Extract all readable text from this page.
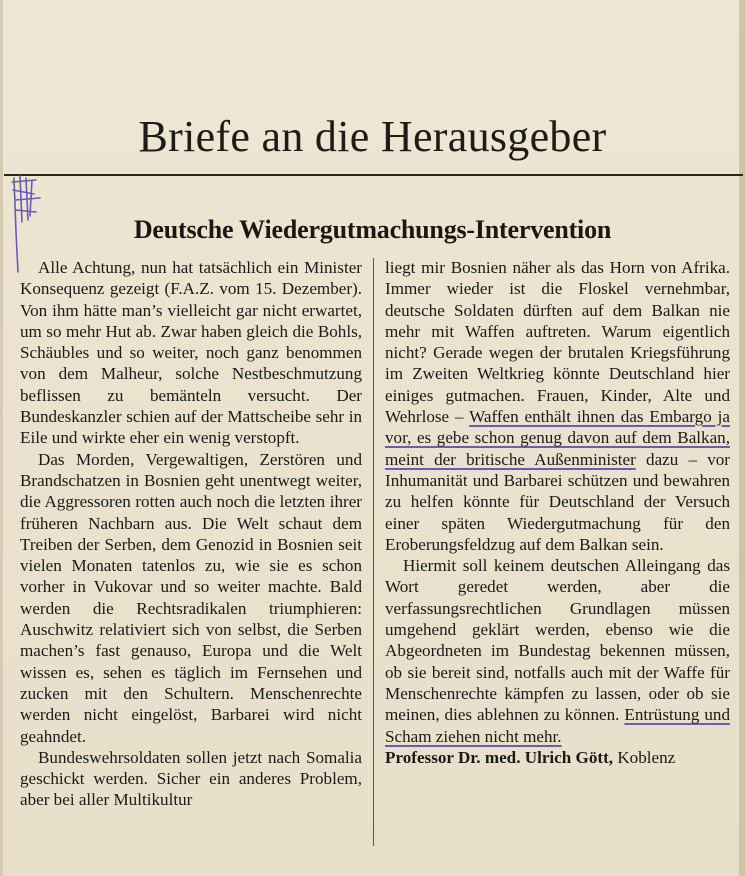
Briefe an die Herausgeber
Deutsche Wiedergutmachungs-Intervention

Alle Achtung, nun hat tatsächlich ein Minister Konsequenz gezeigt (F.A.Z. vom 15. Dezember). Von ihm hätte man’s vielleicht gar nicht erwartet, um so mehr Hut ab. Zwar haben gleich die Bohls, Schäubles und so weiter, noch ganz benommen von dem Malheur, solche Nestbeschmutzung beflissen zu bemänteln versucht. Der Bundeskanzler schien auf der Mattscheibe sehr in Eile und wirkte eher ein wenig verstopft.

Das Morden, Vergewaltigen, Zerstören und Brandschatzen in Bosnien geht unentwegt weiter, die Aggressoren rotten auch noch die letzten ihrer früheren Nachbarn aus. Die Welt schaut dem Treiben der Serben, dem Genozid in Bosnien seit vielen Monaten tatenlos zu, wie sie es schon vorher in Vukovar und so weiter machte. Bald werden die Rechtsradikalen triumphieren: Auschwitz relativiert sich von selbst, die Serben machen’s fast genauso, Europa und die Welt wissen es, sehen es täglich im Fernsehen und zucken mit den Schultern. Menschenrechte werden nicht eingelöst, Barbarei wird nicht geahndet.

Bundeswehrsoldaten sollen jetzt nach Somalia geschickt werden. Sicher ein anderes Problem, aber bei aller Multikultur

liegt mir Bosnien näher als das Horn von Afrika. Immer wieder ist die Floskel vernehmbar, deutsche Soldaten dürften auf dem Balkan nie mehr mit Waffen auftreten. Warum eigentlich nicht? Gerade wegen der brutalen Kriegsführung im Zweiten Weltkrieg könnte Deutschland hier einiges gutmachen. Frauen, Kinder, Alte und Wehrlose – Waffen enthält ihnen das Embargo ja vor, es gebe schon genug davon auf dem Balkan, meint der britische Außenminister dazu – vor Inhumanität und Barbarei schützen und bewahren zu helfen könnte für Deutschland der Versuch einer späten Wiedergutmachung für den Eroberungsfeldzug auf dem Balkan sein.

Hiermit soll keinem deutschen Alleingang das Wort geredet werden, aber die verfassungsrechtlichen Grundlagen müssen umgehend geklärt werden, ebenso wie die Abgeordneten im Bundestag bekennen müssen, ob sie bereit sind, notfalls auch mit der Waffe für Menschenrechte kämpfen zu lassen, oder ob sie meinen, dies ablehnen zu können. Entrüstung und Scham ziehen nicht mehr.

Professor Dr. med. Ulrich Gött, Koblenz
